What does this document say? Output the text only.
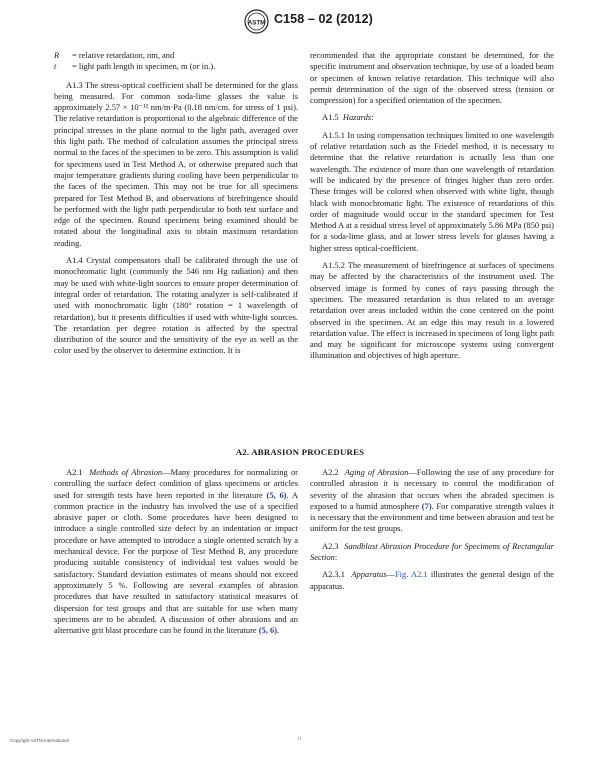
ASTM C158 – 02 (2012)
R	= relative retardation, nm, and
t	= light path length in specimen, m (or in.).

A1.3 The stress-optical coefficient shall be determined for the glass being measured. For common soda-lime glasses the value is approximately 2.57 × 10⁻¹² nm/m·Pa (0.18 nm/cm. for stress of 1 psi). The relative retardation is proportional to the algebraic difference of the principal stresses in the plane normal to the light path, averaged over this light path. The method of calculation assumes the principal stress normal to the faces of the specimen to be zero. This assumption is valid for specimens used in Test Method A, or otherwise prepared such that major temperature gradients during cooling have been perpendicular to the faces of the specimen. This may not be true for all specimens prepared for Test Method B, and observations of birefringence should be performed with the light path perpendicular to both test surface and edge of the specimen. Round specimens being examined should be rotated about the longitudinal axis to obtain maximum retardation reading.

A1.4 Crystal compensators shall be calibrated through the use of monochromatic light (commonly the 546 nm Hg radiation) and then may be used with white-light sources to ensure proper determination of integral order of retardation. The rotating analyzer is self-calibrated if used with monochromatic light (180° rotation = 1 wavelength of retardation), but it presents difficulties if used with white-light sources. The retardation per degree rotation is affected by the spectral distribution of the source and the sensitivity of the eye as well as the color used by the observer to determine extinction. It is

recommended that the appropriate constant be determined, for the specific instrument and observation technique, by use of a loaded beam or specimen of known relative retardation. This technique will also permit determination of the sign of the observed stress (tension or compression) for a specified orientation of the specimen.

A1.5 Hazards:

A1.5.1 In using compensation techniques limited to one wavelength of relative retardation such as the Friedel method, it is necessary to determine that the relative retardation is actually less than one wavelength. The existence of more than one wavelength of retardation will be indicated by the presence of fringes higher than zero order. These fringes will be colored when observed with white light, though black with monochromatic light. The existence of retardations of this order of magnitude would occur in the standard specimen for Test Method A at a residual stress level of approximately 5.86 MPa (850 psi) for a soda-lime glass, and at lower stress levels for glasses having a higher stress optical-coefficient.

A1.5.2 The measurement of birefringence at surfaces of specimens may be affected by the characteristics of the instrument used. The observed image is formed by cones of rays passing through the specimen. The measured retardation is thus related to an average retardation over areas included within the cone centered on the point observed in the specimen. At an edge this may result in a lowered retardation value. The effect is increased in specimens of long light path and may be significant for microscope systems using convergent illumination and objectives of high aperture.

A2. ABRASION PROCEDURES

A2.1 Methods of Abrasion—Many procedures for normalizing or controlling the surface defect condition of glass specimens or articles used for strength tests have been reported in the literature (5, 6). A common practice in the industry has involved the use of a specified abrasive paper or cloth. Some procedures have been designed to introduce a single controlled size defect by an indentation or impact procedure or have attempted to introduce a single oriented scratch by a mechanical device. For the purpose of Test Method B, any procedure producing suitable consistency of individual test values would be satisfactory. Standard deviation estimates of means should not exceed approximately 5 %. Following are several examples of abrasion procedures that have resulted in satisfactory statistical measures of dispersion for test groups and that are suitable for use when many specimens are to be abraded. A discussion of other abrasions and an alternative grit blast procedure can be found in the literature (5, 6).

A2.2 Aging of Abrasion—Following the use of any procedure for controlled abrasion it is necessary to control the modification of severity of the abrasion that occurs when the abraded specimen is exposed to a humid atmosphere (7). For comparative strength values it is necessary that the environment and time between abrasion and test be uniform for the test groups.

A2.3 Sandblast Abrasion Procedure for Specimens of Rectangular Section:

A2.3.1 Apparatus—Fig. A2.1 illustrates the general design of the apparatus.

Copyright ASTM International	11
